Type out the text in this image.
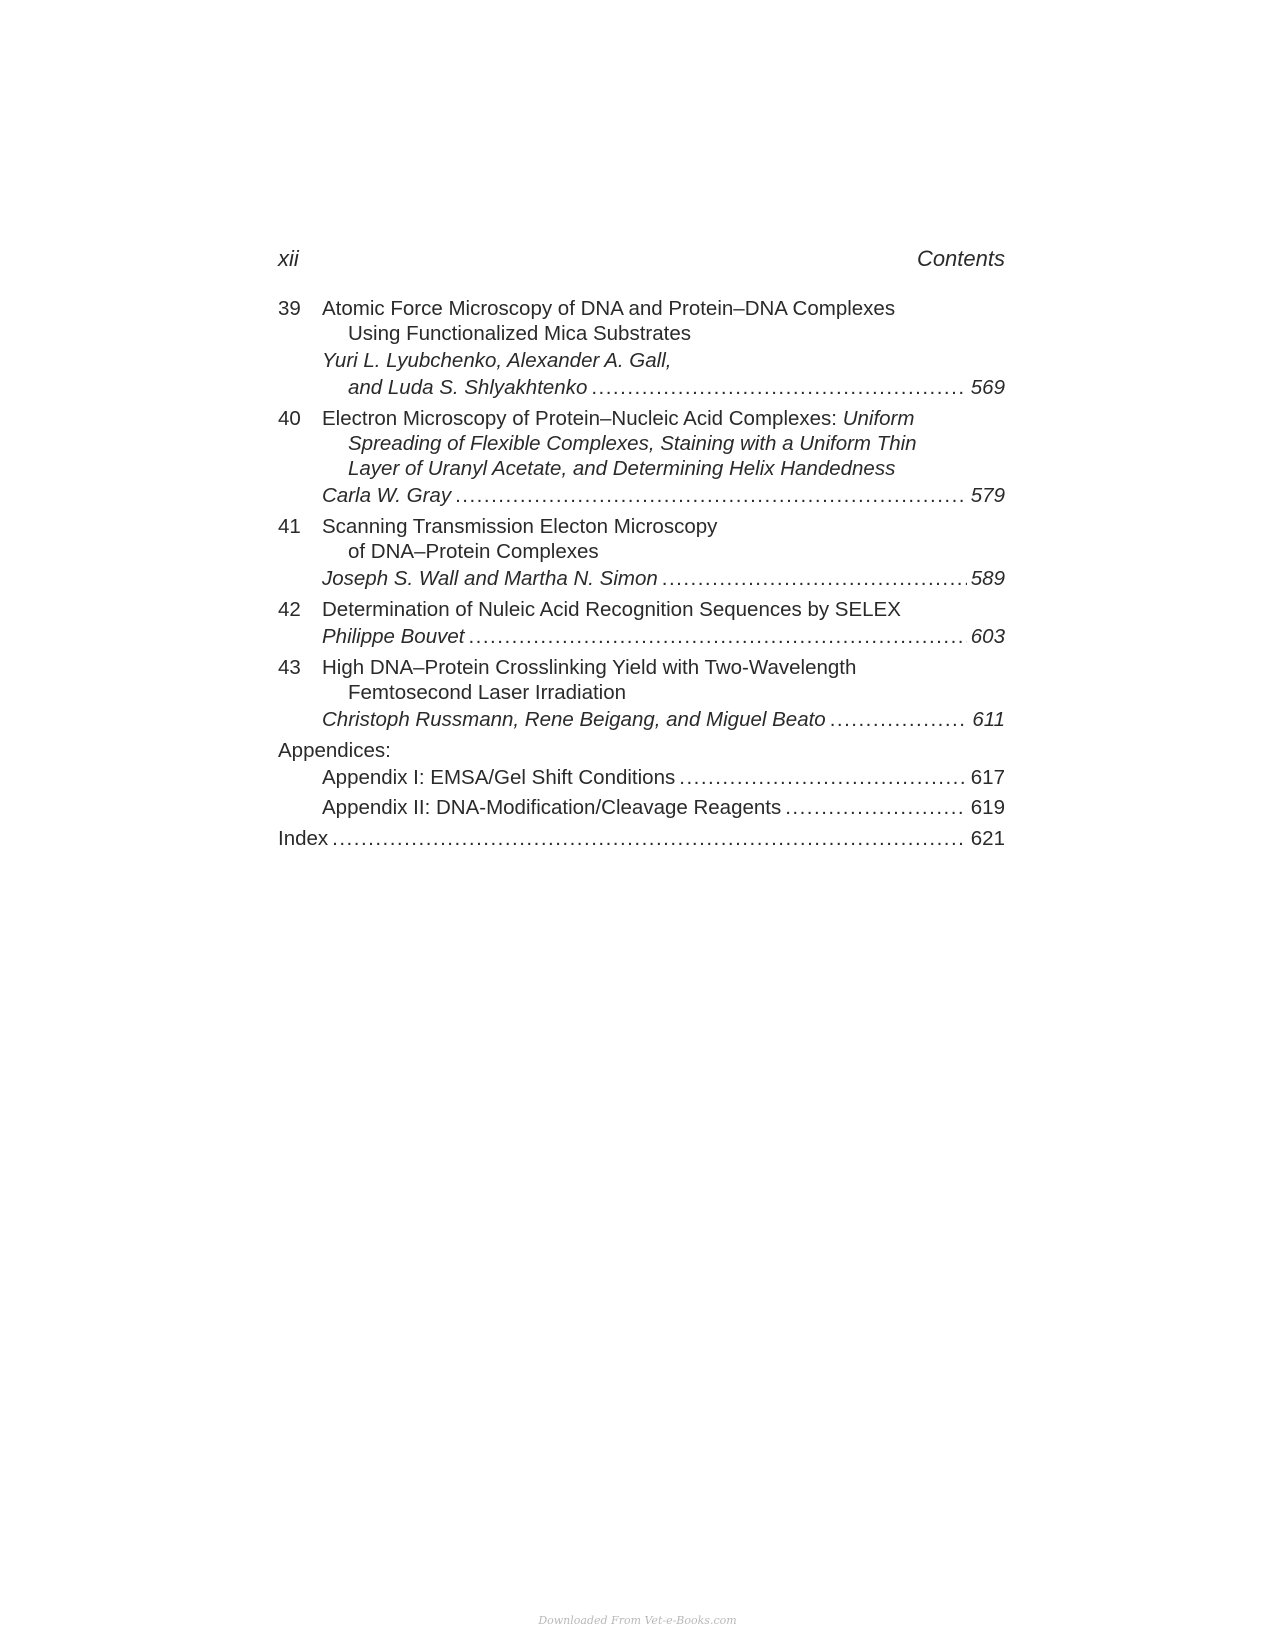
xii	Contents
39	Atomic Force Microscopy of DNA and Protein–DNA Complexes
Using Functionalized Mica Substrates
Yuri L. Lyubchenko, Alexander A. Gall,
and Luda S. Shlyakhtenko .....	569
40	Electron Microscopy of Protein–Nucleic Acid Complexes: Uniform
Spreading of Flexible Complexes, Staining with a Uniform Thin
Layer of Uranyl Acetate, and Determining Helix Handedness
Carla W. Gray .....	579
41	Scanning Transmission Electon Microscopy
of DNA–Protein Complexes
Joseph S. Wall and Martha N. Simon .....	589
42	Determination of Nuleic Acid Recognition Sequences by SELEX
Philippe Bouvet .....	603
43	High DNA–Protein Crosslinking Yield with Two-Wavelength
Femtosecond Laser Irradiation
Christoph Russmann, Rene Beigang, and Miguel Beato .....	611
Appendices:
Appendix I: EMSA/Gel Shift Conditions .....	617
Appendix II: DNA-Modification/Cleavage Reagents .....	619
Index .....	621
Downloaded From Vet-e-Books.com
